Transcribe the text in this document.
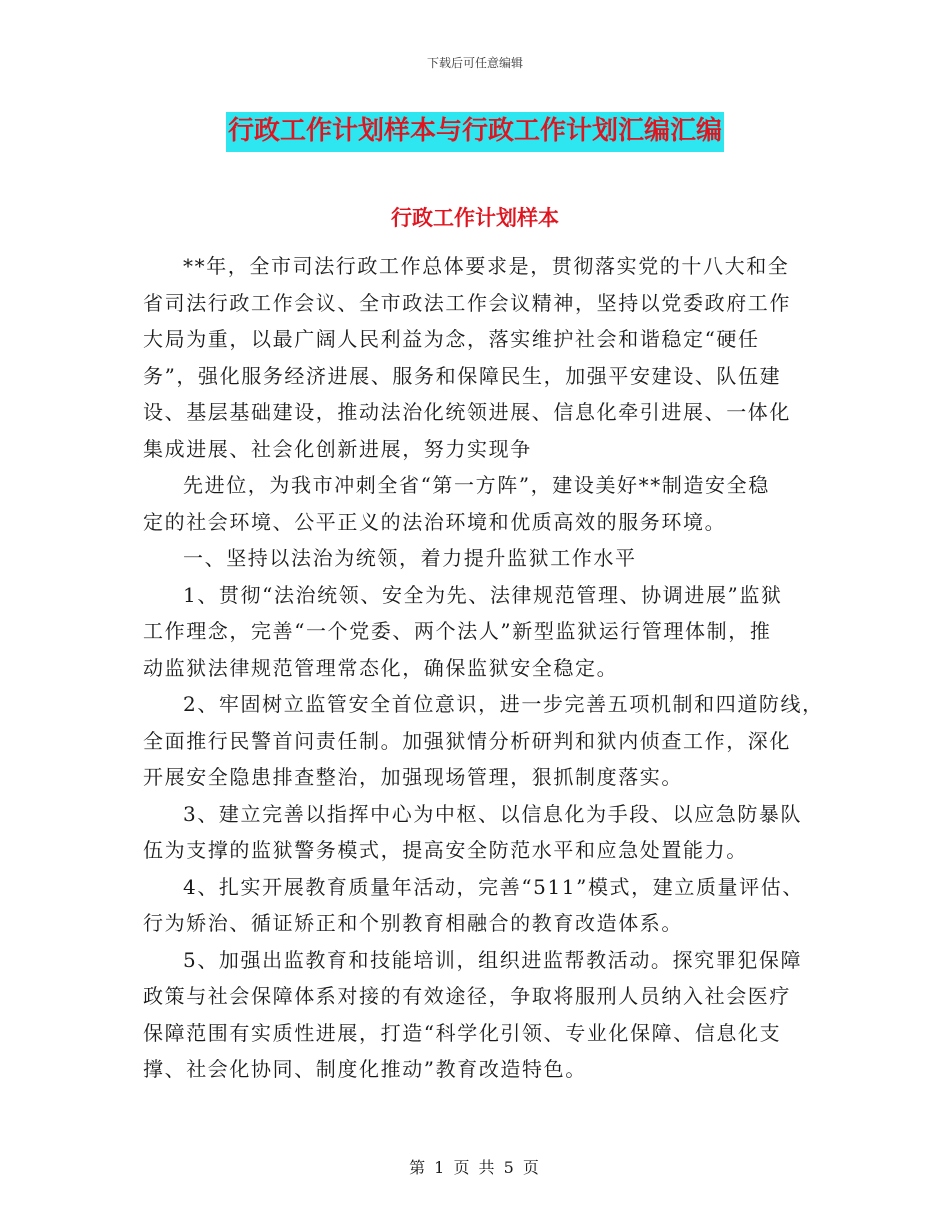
下载后可任意编辑
行政工作计划样本与行政工作计划汇编汇编
行政工作计划样本
**年，全市司法行政工作总体要求是，贯彻落实党的十八大和全
省司法行政工作会议、全市政法工作会议精神，坚持以党委政府工作
大局为重，以最广阔人民利益为念，落实维护社会和谐稳定“硬任
务”，强化服务经济进展、服务和保障民生，加强平安建设、队伍建
设、基层基础建设，推动法治化统领进展、信息化牵引进展、一体化
集成进展、社会化创新进展，努力实现争
先进位，为我市冲刺全省“第一方阵”，建设美好**制造安全稳
定的社会环境、公平正义的法治环境和优质高效的服务环境。
一、坚持以法治为统领，着力提升监狱工作水平
1、贯彻“法治统领、安全为先、法律规范管理、协调进展”监狱
工作理念，完善“一个党委、两个法人”新型监狱运行管理体制，推
动监狱法律规范管理常态化，确保监狱安全稳定。
2、牢固树立监管安全首位意识，进一步完善五项机制和四道防线，
全面推行民警首问责任制。加强狱情分析研判和狱内侦查工作，深化
开展安全隐患排查整治，加强现场管理，狠抓制度落实。
3、建立完善以指挥中心为中枢、以信息化为手段、以应急防暴队
伍为支撑的监狱警务模式，提高安全防范水平和应急处置能力。
4、扎实开展教育质量年活动，完善“511”模式，建立质量评估、
行为矫治、循证矫正和个别教育相融合的教育改造体系。
5、加强出监教育和技能培训，组织进监帮教活动。探究罪犯保障
政策与社会保障体系对接的有效途径，争取将服刑人员纳入社会医疗
保障范围有实质性进展，打造“科学化引领、专业化保障、信息化支
撑、社会化协同、制度化推动”教育改造特色。
第 1 页 共 5 页
